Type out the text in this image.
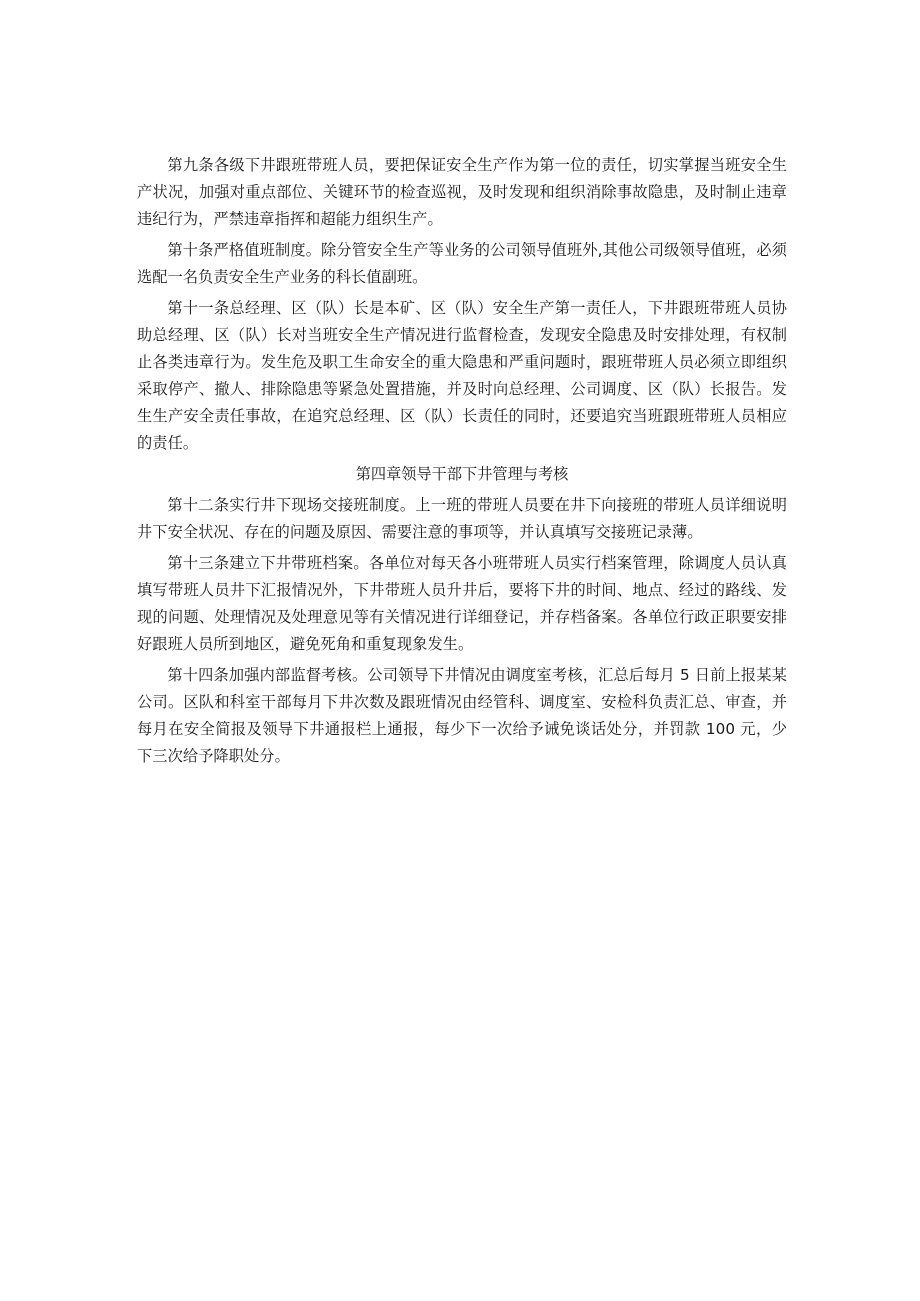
第九条各级下井跟班带班人员，要把保证安全生产作为第一位的责任，切实掌握当班安全生产状况，加强对重点部位、关键环节的检查巡视，及时发现和组织消除事故隐患，及时制止违章违纪行为，严禁违章指挥和超能力组织生产。

第十条严格值班制度。除分管安全生产等业务的公司领导值班外,其他公司级领导值班，必须选配一名负责安全生产业务的科长值副班。

第十一条总经理、区（队）长是本矿、区（队）安全生产第一责任人，下井跟班带班人员协助总经理、区（队）长对当班安全生产情况进行监督检查，发现安全隐患及时安排处理，有权制止各类违章行为。发生危及职工生命安全的重大隐患和严重问题时，跟班带班人员必须立即组织采取停产、撤人、排除隐患等紧急处置措施，并及时向总经理、公司调度、区（队）长报告。发生生产安全责任事故，在追究总经理、区（队）长责任的同时，还要追究当班跟班带班人员相应的责任。

第四章领导干部下井管理与考核

第十二条实行井下现场交接班制度。上一班的带班人员要在井下向接班的带班人员详细说明井下安全状况、存在的问题及原因、需要注意的事项等，并认真填写交接班记录薄。

第十三条建立下井带班档案。各单位对每天各小班带班人员实行档案管理，除调度人员认真填写带班人员井下汇报情况外，下井带班人员升井后，要将下井的时间、地点、经过的路线、发现的问题、处理情况及处理意见等有关情况进行详细登记，并存档备案。各单位行政正职要安排好跟班人员所到地区，避免死角和重复现象发生。

第十四条加强内部监督考核。公司领导下井情况由调度室考核，汇总后每月 5 日前上报某某公司。区队和科室干部每月下井次数及跟班情况由经管科、调度室、安检科负责汇总、审查，并每月在安全简报及领导下井通报栏上通报，每少下一次给予诫免谈话处分，并罚款 100 元，少下三次给予降职处分。
